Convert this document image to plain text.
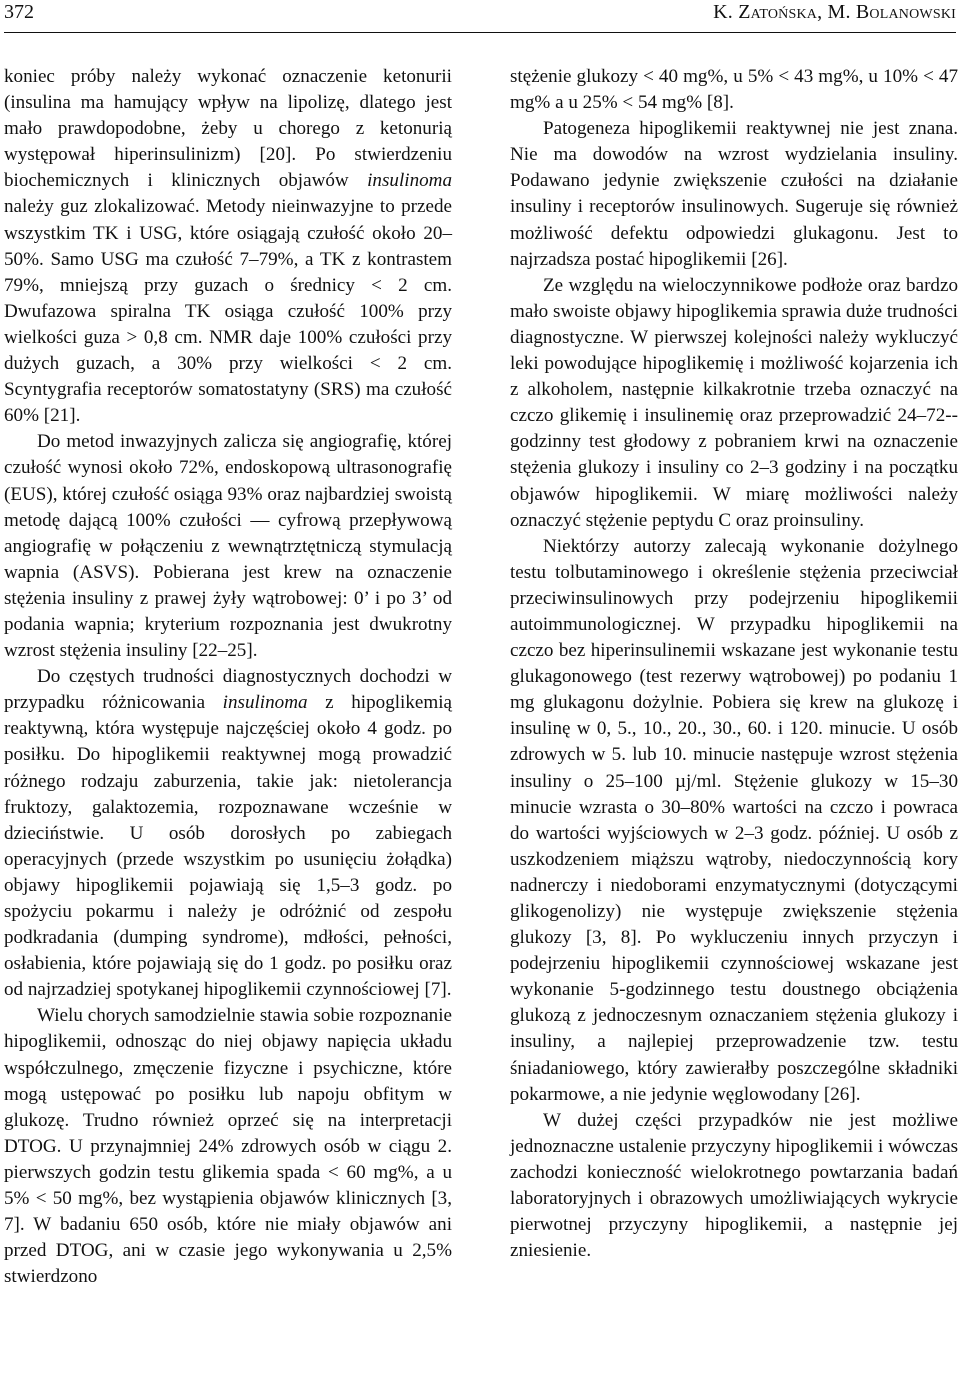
372	K. Zatońska, M. Bolanowski

koniec próby należy wykonać oznaczenie ketonurii (insulina ma hamujący wpływ na lipolizę, dlatego jest mało prawdopodobne, żeby u chorego z ketonurią występował hiperinsulinizm) [20]. Po stwierdzeniu biochemicznych i klinicznych objawów insulinoma należy guz zlokalizować. Metody nieinwazyjne to przede wszystkim TK i USG, które osiągają czułość około 20–50%. Samo USG ma czułość 7–79%, a TK z kontrastem 79%, mniejszą przy guzach o średnicy < 2 cm. Dwufazowa spiralna TK osiąga czułość 100% przy wielkości guza > 0,8 cm. NMR daje 100% czułości przy dużych guzach, a 30% przy wielkości < 2 cm. Scyntygrafia receptorów somatostatyny (SRS) ma czułość 60% [21].

Do metod inwazyjnych zalicza się angiografię, której czułość wynosi około 72%, endoskopową ultrasonografię (EUS), której czułość osiąga 93% oraz najbardziej swoistą metodę dającą 100% czułości — cyfrową przepływową angiografię w połączeniu z wewnątrztętniczą stymulacją wapnia (ASVS). Pobierana jest krew na oznaczenie stężenia insuliny z prawej żyły wątrobowej: 0’ i po 3’ od podania wapnia; kryterium rozpoznania jest dwukrotny wzrost stężenia insuliny [22–25].

Do częstych trudności diagnostycznych dochodzi w przypadku różnicowania insulinoma z hipoglikemią reaktywną, która występuje najczęściej około 4 godz. po posiłku. Do hipoglikemii reaktywnej mogą prowadzić różnego rodzaju zaburzenia, takie jak: nietolerancja fruktozy, galaktozemia, rozpoznawane wcześnie w dzieciństwie. U osób dorosłych po zabiegach operacyjnych (przede wszystkim po usunięciu żołądka) objawy hipoglikemii pojawiają się 1,5–3 godz. po spożyciu pokarmu i należy je odróżnić od zespołu podkradania (dumping syndrome), mdłości, pełności, osłabienia, które pojawiają się do 1 godz. po posiłku oraz od najrzadziej spotykanej hipoglikemii czynnościowej [7].

Wielu chorych samodzielnie stawia sobie rozpoznanie hipoglikemii, odnosząc do niej objawy napięcia układu współczulnego, zmęczenie fizyczne i psychiczne, które mogą ustępować po posiłku lub napoju obfitym w glukozę. Trudno również oprzeć się na interpretacji DTOG. U przynajmniej 24% zdrowych osób w ciągu 2. pierwszych godzin testu glikemia spada < 60 mg%, a u 5% < 50 mg%, bez wystąpienia objawów klinicznych [3, 7]. W badaniu 650 osób, które nie miały objawów ani przed DTOG, ani w czasie jego wykonywania u 2,5% stwierdzono

stężenie glukozy < 40 mg%, u 5% < 43 mg%, u 10% < 47 mg% a u 25% < 54 mg% [8].

Patogeneza hipoglikemii reaktywnej nie jest znana. Nie ma dowodów na wzrost wydzielania insuliny. Podawano jedynie zwiększenie czułości na działanie insuliny i receptorów insulinowych. Sugeruje się również możliwość defektu odpowiedzi glukagonu. Jest to najrzadsza postać hipoglikemii [26].

Ze względu na wieloczynnikowe podłoże oraz bardzo mało swoiste objawy hipoglikemia sprawia duże trudności diagnostyczne. W pierwszej kolejności należy wykluczyć leki powodujące hipoglikemię i możliwość kojarzenia ich z alkoholem, następnie kilkakrotnie trzeba oznaczyć na czczo glikemię i insulinemię oraz przeprowadzić 24–72--godzinny test głodowy z pobraniem krwi na oznaczenie stężenia glukozy i insuliny co 2–3 godziny i na początku objawów hipoglikemii. W miarę możliwości należy oznaczyć stężenie peptydu C oraz proinsuliny.

Niektórzy autorzy zalecają wykonanie dożylnego testu tolbutaminowego i określenie stężenia przeciwciał przeciwinsulinowych przy podejrzeniu hipoglikemii autoimmunologicznej. W przypadku hipoglikemii na czczo bez hiperinsulinemii wskazane jest wykonanie testu glukagonowego (test rezerwy wątrobowej) po podaniu 1 mg glukagonu dożylnie. Pobiera się krew na glukozę i insulinę w 0, 5., 10., 20., 30., 60. i 120. minucie. U osób zdrowych w 5. lub 10. minucie następuje wzrost stężenia insuliny o 25–100 µj/ml. Stężenie glukozy w 15–30 minucie wzrasta o 30–80% wartości na czczo i powraca do wartości wyjściowych w 2–3 godz. później. U osób z uszkodzeniem miąższu wątroby, niedoczynnością kory nadnerczy i niedoborami enzymatycznymi (dotyczącymi glikogenolizy) nie występuje zwiększenie stężenia glukozy [3, 8]. Po wykluczeniu innych przyczyn i podejrzeniu hipoglikemii czynnościowej wskazane jest wykonanie 5-godzinnego testu doustnego obciążenia glukozą z jednoczesnym oznaczaniem stężenia glukozy i insuliny, a najlepiej przeprowadzenie tzw. testu śniadaniowego, który zawierałby poszczególne składniki pokarmowe, a nie jedynie węglowodany [26].

W dużej części przypadków nie jest możliwe jednoznaczne ustalenie przyczyny hipoglikemii i wówczas zachodzi konieczność wielokrotnego powtarzania badań laboratoryjnych i obrazowych umożliwiających wykrycie pierwotnej przyczyny hipoglikemii, a następnie jej zniesienie.
